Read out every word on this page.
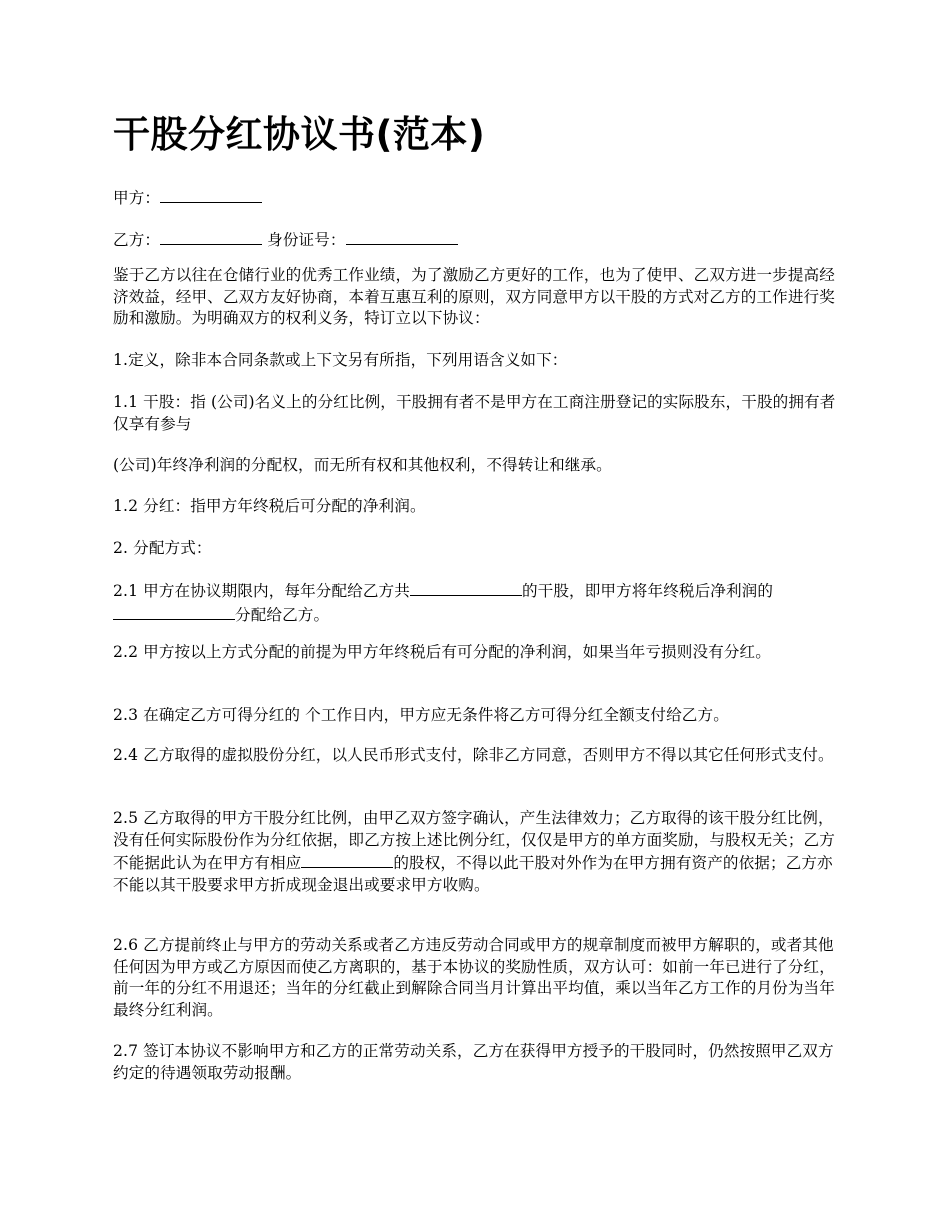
干股分红协议书(范本)

甲方：

乙方：	身份证号：

鉴于乙方以往在仓储行业的优秀工作业绩，为了激励乙方更好的工作，也为了使甲、乙双方进一步提高经济效益，经甲、乙双方友好协商，本着互惠互利的原则，双方同意甲方以干股的方式对乙方的工作进行奖励和激励。为明确双方的权利义务，特订立以下协议：

1.定义，除非本合同条款或上下文另有所指，下列用语含义如下：

1.1 干股：指 (公司)名义上的分红比例，干股拥有者不是甲方在工商注册登记的实际股东，干股的拥有者仅享有参与

(公司)年终净利润的分配权，而无所有权和其他权利，不得转让和继承。

1.2 分红：指甲方年终税后可分配的净利润。

2. 分配方式：

2.1 甲方在协议期限内，每年分配给乙方共	的干股，即甲方将年终税后净利润的分配给乙方。

2.2 甲方按以上方式分配的前提为甲方年终税后有可分配的净利润，如果当年亏损则没有分红。

2.3 在确定乙方可得分红的 个工作日内，甲方应无条件将乙方可得分红全额支付给乙方。

2.4 乙方取得的虚拟股份分红，以人民币形式支付，除非乙方同意，否则甲方不得以其它任何形式支付。

2.5 乙方取得的甲方干股分红比例，由甲乙双方签字确认，产生法律效力；乙方取得的该干股分红比例，没有任何实际股份作为分红依据，即乙方按上述比例分红，仅仅是甲方的单方面奖励，与股权无关；乙方不能据此认为在甲方有相应	的股权，不得以此干股对外作为在甲方拥有资产的依据；乙方亦不能以其干股要求甲方折成现金退出或要求甲方收购。

2.6 乙方提前终止与甲方的劳动关系或者乙方违反劳动合同或甲方的规章制度而被甲方解职的，或者其他任何因为甲方或乙方原因而使乙方离职的，基于本协议的奖励性质，双方认可：如前一年已进行了分红，前一年的分红不用退还；当年的分红截止到解除合同当月计算出平均值，乘以当年乙方工作的月份为当年最终分红利润。

2.7 签订本协议不影响甲方和乙方的正常劳动关系，乙方在获得甲方授予的干股同时，仍然按照甲乙双方约定的待遇领取劳动报酬。
